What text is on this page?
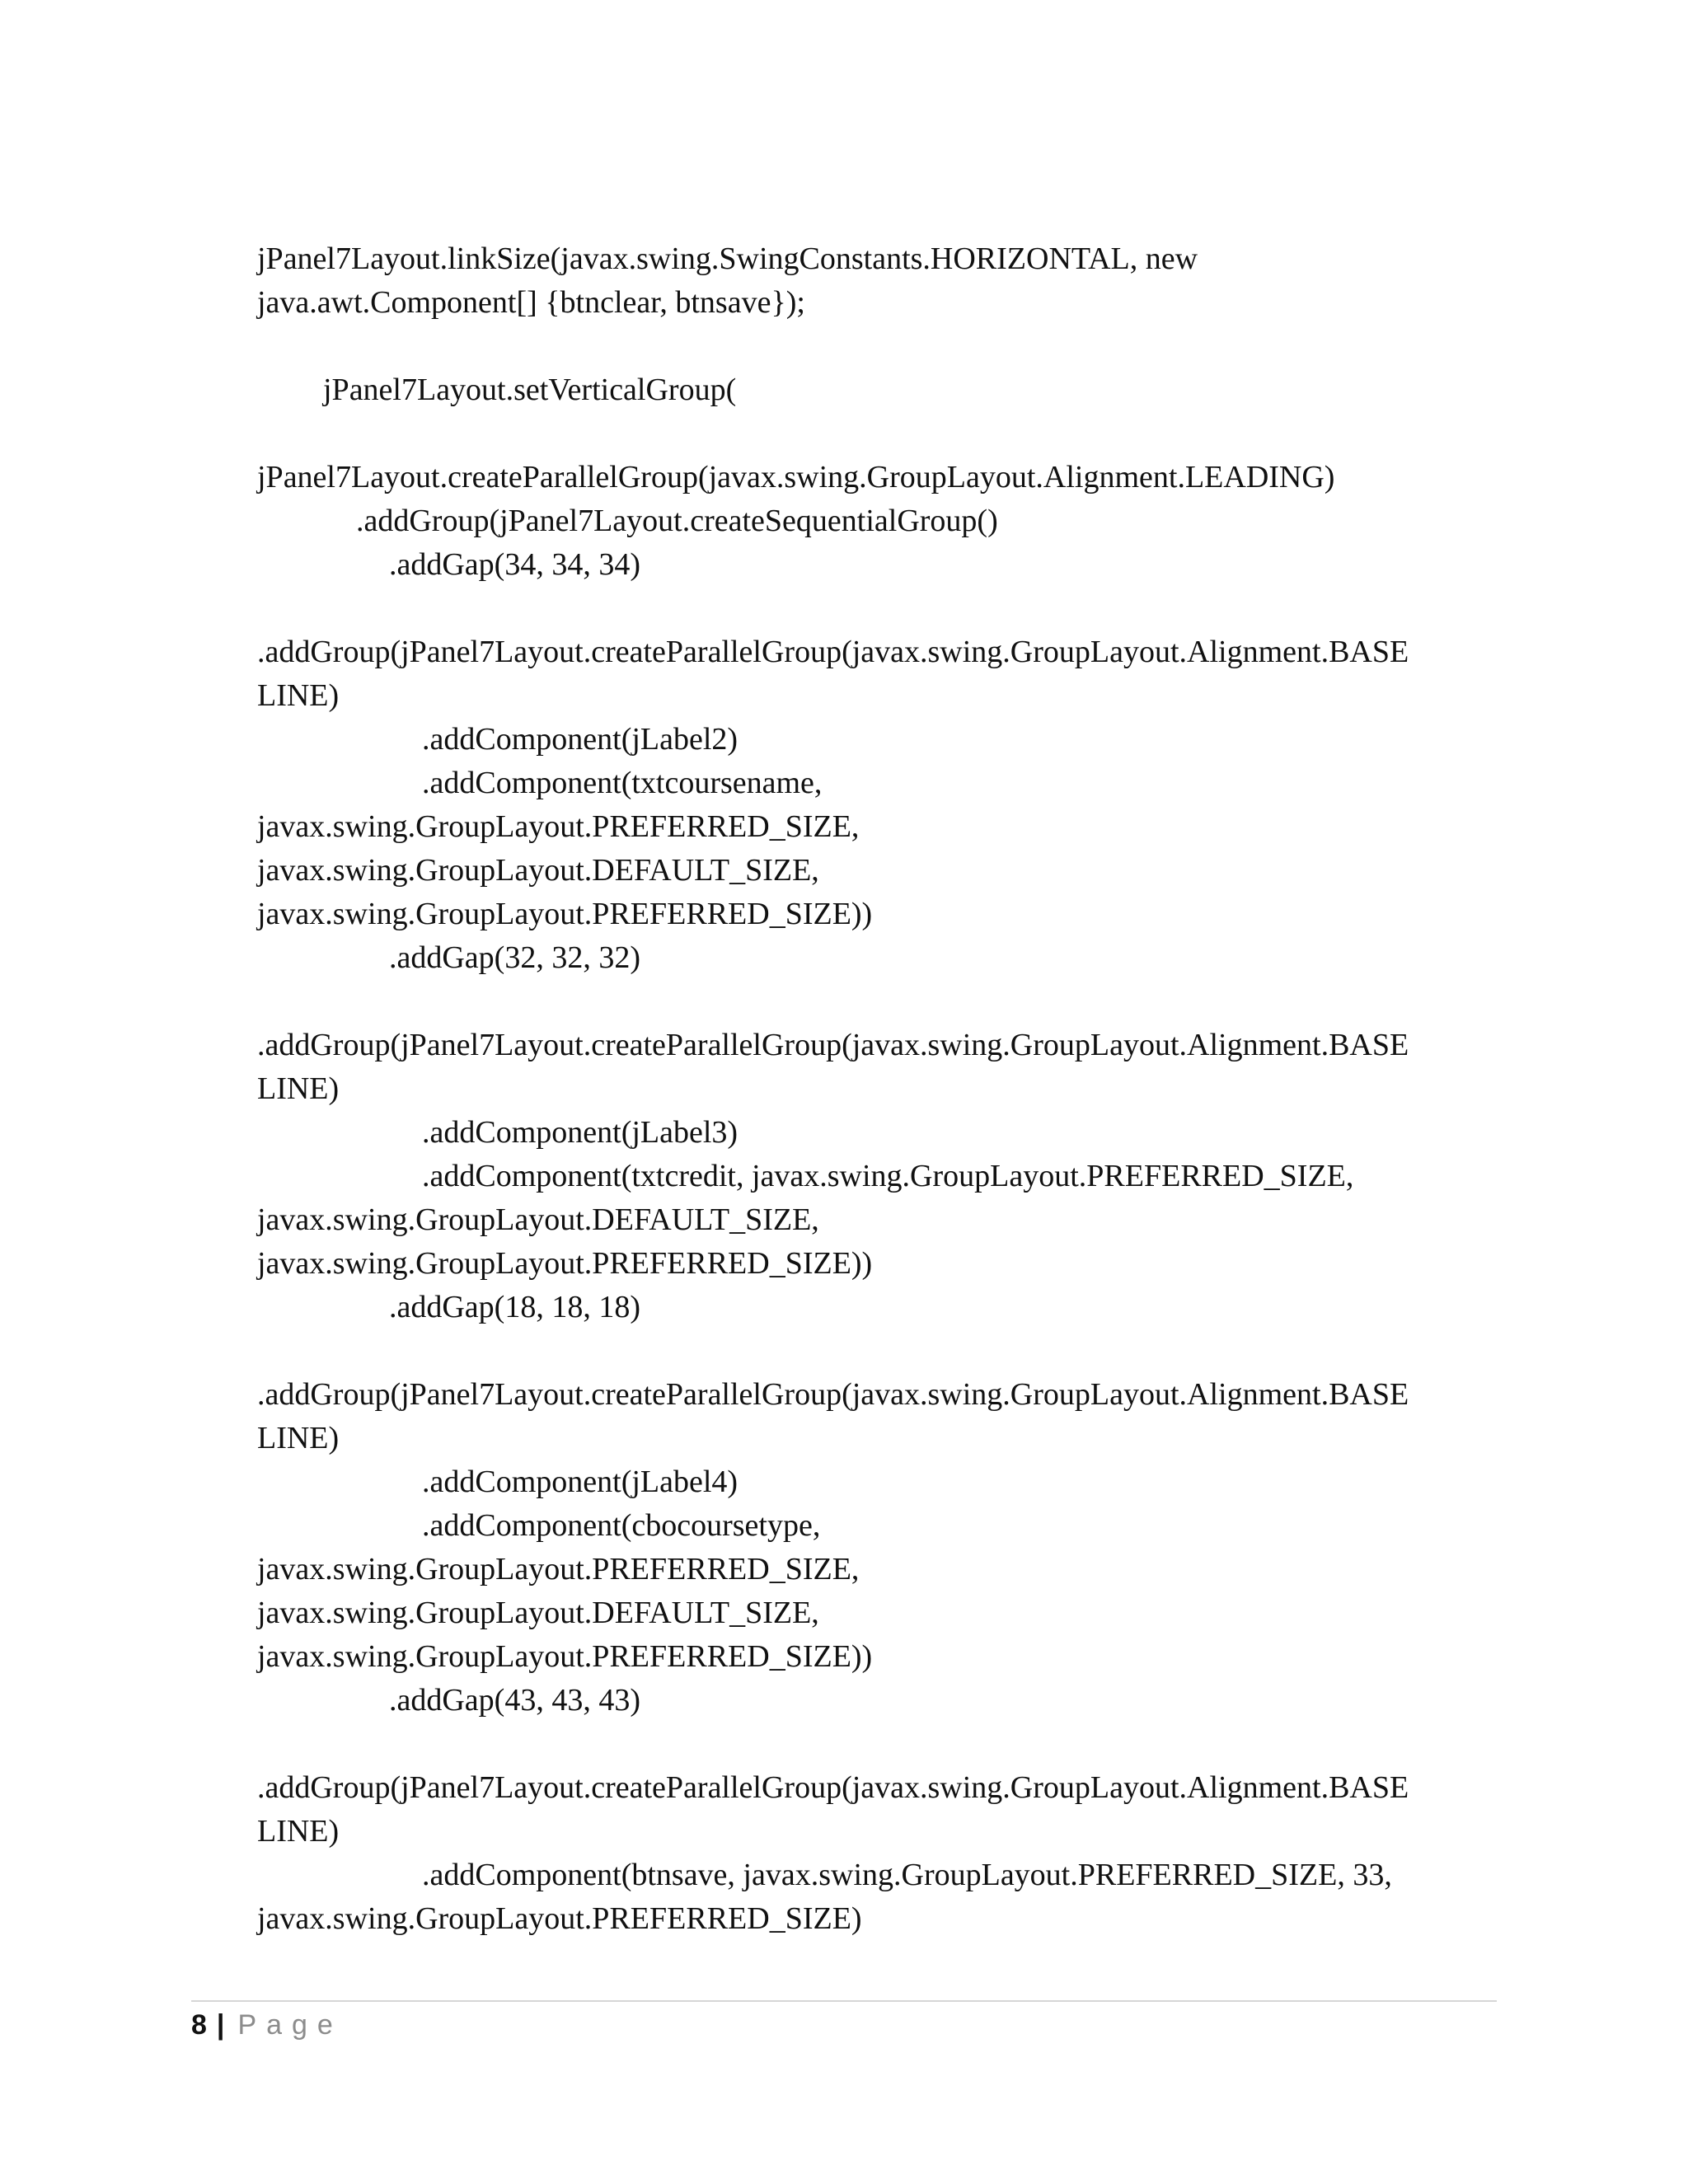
jPanel7Layout.linkSize(javax.swing.SwingConstants.HORIZONTAL, new
java.awt.Component[] {btnclear, btnsave});
jPanel7Layout.setVerticalGroup(
jPanel7Layout.createParallelGroup(javax.swing.GroupLayout.Alignment.LEADING)
.addGroup(jPanel7Layout.createSequentialGroup()
.addGap(34, 34, 34)
.addGroup(jPanel7Layout.createParallelGroup(javax.swing.GroupLayout.Alignment.BASE
LINE)
.addComponent(jLabel2)
.addComponent(txtcoursename,
javax.swing.GroupLayout.PREFERRED_SIZE,
javax.swing.GroupLayout.DEFAULT_SIZE,
javax.swing.GroupLayout.PREFERRED_SIZE))
.addGap(32, 32, 32)
.addGroup(jPanel7Layout.createParallelGroup(javax.swing.GroupLayout.Alignment.BASE
LINE)
.addComponent(jLabel3)
.addComponent(txtcredit, javax.swing.GroupLayout.PREFERRED_SIZE,
javax.swing.GroupLayout.DEFAULT_SIZE,
javax.swing.GroupLayout.PREFERRED_SIZE))
.addGap(18, 18, 18)
.addGroup(jPanel7Layout.createParallelGroup(javax.swing.GroupLayout.Alignment.BASE
LINE)
.addComponent(jLabel4)
.addComponent(cbocoursetype,
javax.swing.GroupLayout.PREFERRED_SIZE,
javax.swing.GroupLayout.DEFAULT_SIZE,
javax.swing.GroupLayout.PREFERRED_SIZE))
.addGap(43, 43, 43)
.addGroup(jPanel7Layout.createParallelGroup(javax.swing.GroupLayout.Alignment.BASE
LINE)
.addComponent(btnsave, javax.swing.GroupLayout.PREFERRED_SIZE, 33,
javax.swing.GroupLayout.PREFERRED_SIZE)
8 | Page
